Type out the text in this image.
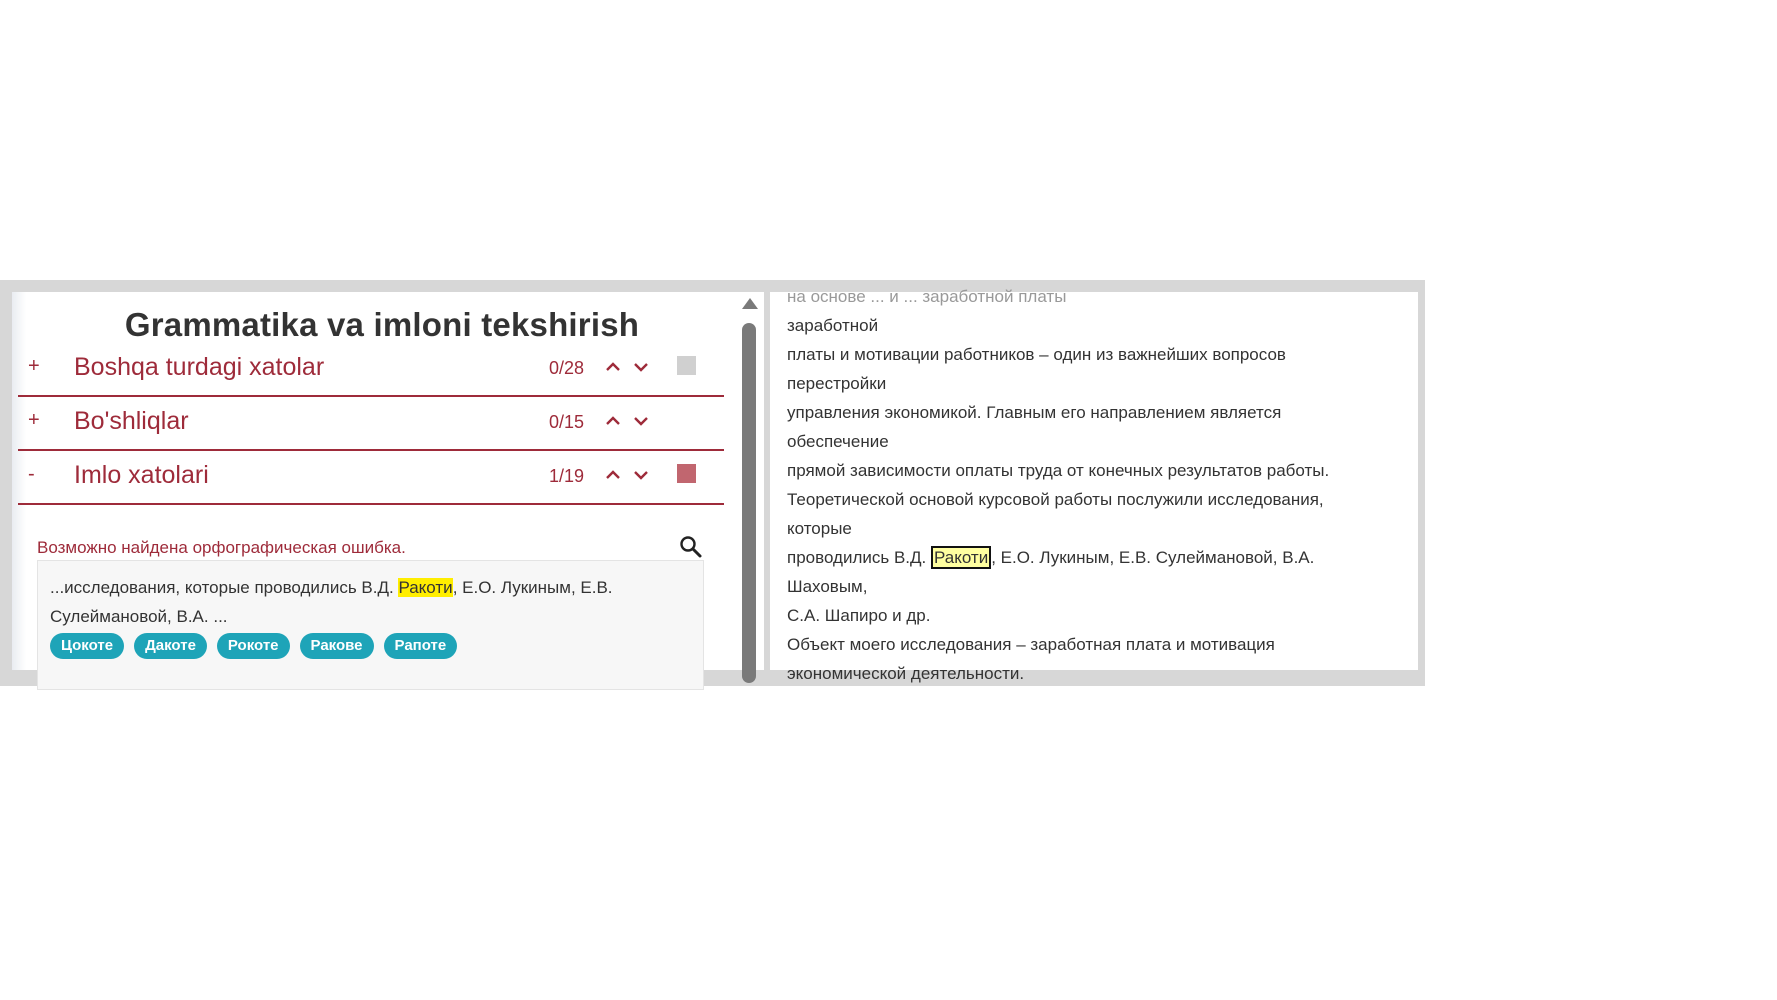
Grammatika va imloni tekshirish
+	Boshqa turdagi xatolar	0/28
+	Bo'shliqlar	0/15
-	Imlo xatolari	1/19
Возможно найдена орфографическая ошибка.
...исследования, которые проводились В.Д. Ракоти, Е.О. Лукиным, Е.В. Сулеймановой, В.А. ...
Цокоте	Дакоте	Рокоте	Ракове	Рапоте
на основе ... и ... заработной платы
заработной
платы и мотивации работников – один из важнейших вопросов
перестройки
управления экономикой. Главным его направлением является
обеспечение
прямой зависимости оплаты труда от конечных результатов работы.
Теоретической основой курсовой работы послужили исследования,
которые
проводились В.Д. Ракоти , Е.О. Лукиным, Е.В. Сулеймановой, В.А.
Шаховым,
С.А. Шапиро и др.
Объект моего исследования – заработная плата и мотивация
экономической деятельности.
